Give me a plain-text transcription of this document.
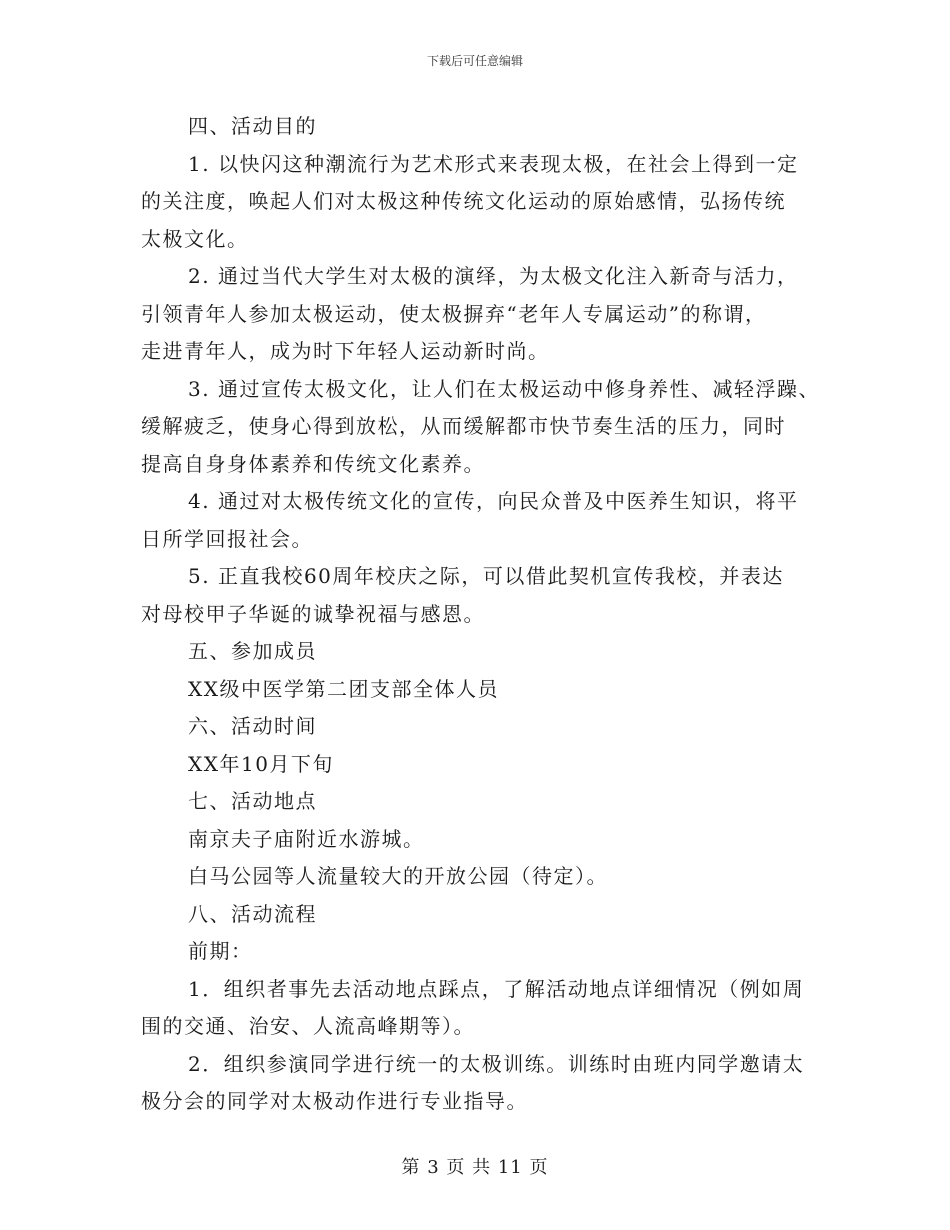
下载后可任意编辑
四、活动目的
1. 以快闪这种潮流行为艺术形式来表现太极，在社会上得到一定
的关注度，唤起人们对太极这种传统文化运动的原始感情，弘扬传统
太极文化。
2. 通过当代大学生对太极的演绎，为太极文化注入新奇与活力，
引领青年人参加太极运动，使太极摒弃“老年人专属运动”的称谓，
走进青年人，成为时下年轻人运动新时尚。
3. 通过宣传太极文化，让人们在太极运动中修身养性、减轻浮躁、
缓解疲乏，使身心得到放松，从而缓解都市快节奏生活的压力，同时
提高自身身体素养和传统文化素养。
4. 通过对太极传统文化的宣传，向民众普及中医养生知识，将平
日所学回报社会。
5. 正直我校60周年校庆之际，可以借此契机宣传我校，并表达
对母校甲子华诞的诚挚祝福与感恩。
五、参加成员
XX级中医学第二团支部全体人员
六、活动时间
XX年10月下旬
七、活动地点
南京夫子庙附近水游城。
白马公园等人流量较大的开放公园（待定）。
八、活动流程
前期：
1．组织者事先去活动地点踩点，了解活动地点详细情况（例如周
围的交通、治安、人流高峰期等）。
2．组织参演同学进行统一的太极训练。训练时由班内同学邀请太
极分会的同学对太极动作进行专业指导。
第 3 页 共 11 页
